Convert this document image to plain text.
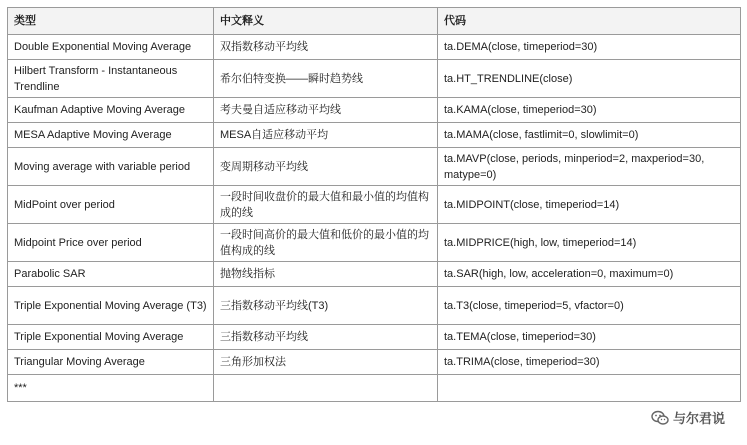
类型	中文释义	代码
Double Exponential Moving Average	双指数移动平均线	ta.DEMA(close, timeperiod=30)
Hilbert Transform - Instantaneous Trendline	希尔伯特变换——瞬时趋势线	ta.HT_TRENDLINE(close)
Kaufman Adaptive Moving Average	考夫曼自适应移动平均线	ta.KAMA(close, timeperiod=30)
MESA Adaptive Moving Average	MESA自适应移动平均	ta.MAMA(close, fastlimit=0, slowlimit=0)
Moving average with variable period	变周期移动平均线	ta.MAVP(close, periods, minperiod=2, maxperiod=30, matype=0)
MidPoint over period	一段时间收盘价的最大值和最小值的均值构成的线	ta.MIDPOINT(close, timeperiod=14)
Midpoint Price over period	一段时间高价的最大值和低价的最小值的均值构成的线	ta.MIDPRICE(high, low, timeperiod=14)
Parabolic SAR	抛物线指标	ta.SAR(high, low, acceleration=0, maximum=0)
Triple Exponential Moving Average (T3)	三指数移动平均线(T3)	ta.T3(close, timeperiod=5, vfactor=0)
Triple Exponential Moving Average	三指数移动平均线	ta.TEMA(close, timeperiod=30)
Triangular Moving Average	三角形加权法	ta.TRIMA(close, timeperiod=30)
***		
与尔君说
